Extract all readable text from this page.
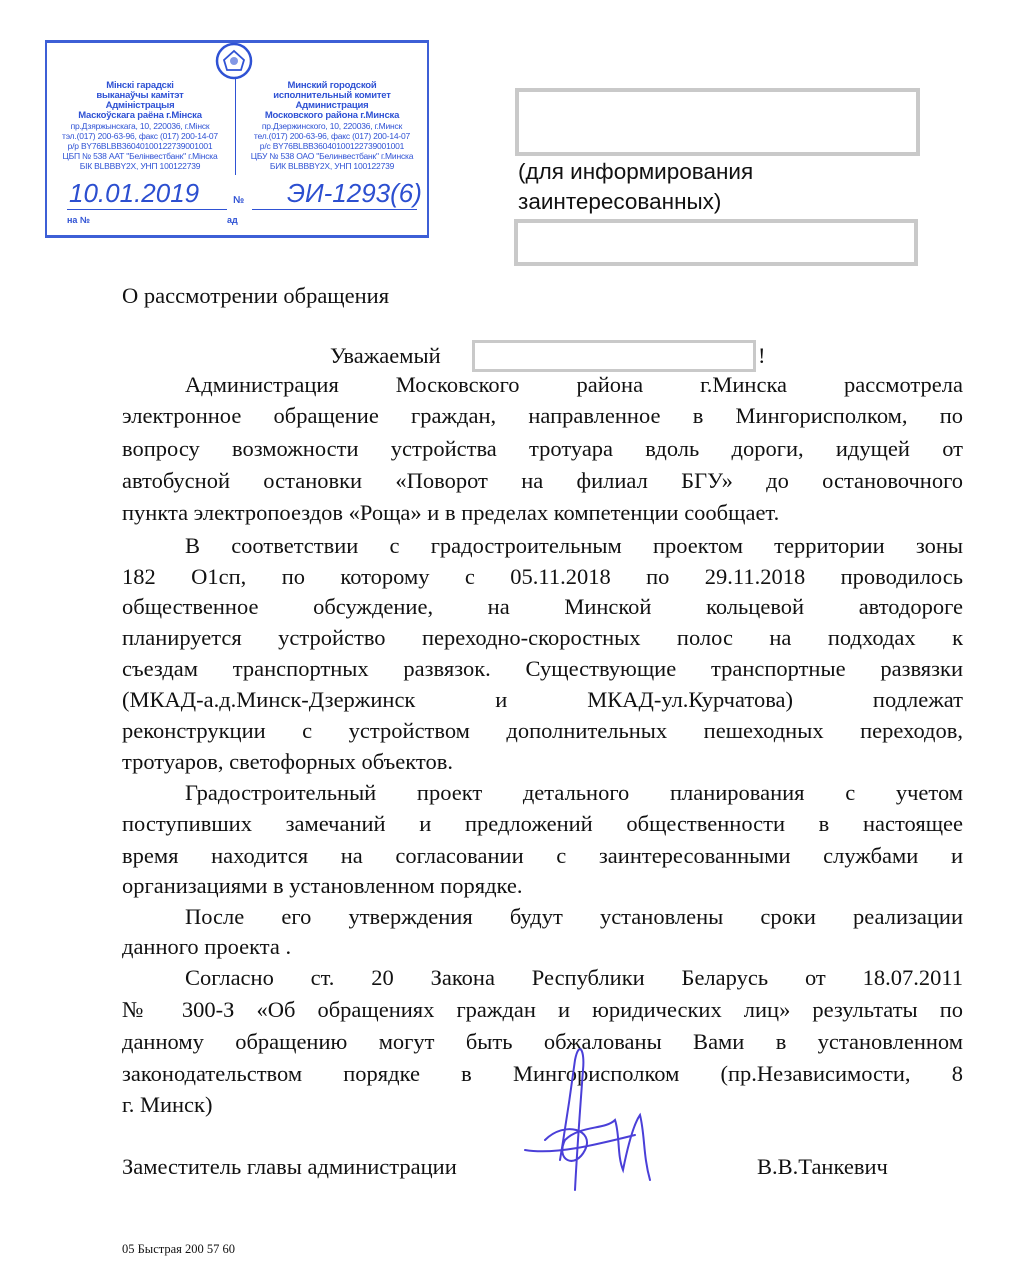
Мінскі гарадскі
выканаўчы камітэт
Адміністрацыя
Маскоўскага раёна г.Мінска
пр.Дзяржынскага, 10, 220036, г.Мінск
тэл.(017) 200-63-96, факс (017) 200-14-07
р/р BY76BLBB36040100122739001001
ЦБП № 538 ААТ "Белінвестбанк" г.Мінска
БІК BLBBBY2X, УНП 100122739
Минский городской
исполнительный комитет
Администрация
Московского района г.Минска
пр.Дзержинского, 10, 220036, г.Минск
тел.(017) 200-63-96, факс (017) 200-14-07
р/с BY76BLBB36040100122739001001
ЦБУ № 538 ОАО "Белинвестбанк" г.Минска
БИК BLBBBY2X, УНП 100122739
10.01.2019	№ ЭИ-1293(6)
на №	ад
(для информирования
заинтересованных)
О рассмотрении обращения
Уважаемый	!
Администрация Московского района г.Минска рассмотрела
электронное обращение граждан, направленное в Мингорисполком, по
вопросу возможности устройства тротуара вдоль дороги, идущей от
автобусной остановки «Поворот на филиал БГУ» до остановочного
пункта электропоездов «Роща» и в пределах компетенции сообщает.
В соответствии с градостроительным проектом территории зоны
182 О1сп, по которому с 05.11.2018 по 29.11.2018 проводилось
общественное обсуждение, на Минской кольцевой автодороге
планируется устройство переходно-скоростных полос на подходах к
съездам транспортных развязок. Существующие транспортные развязки
(МКАД-а.д.Минск-Дзержинск и МКАД-ул.Курчатова) подлежат
реконструкции с устройством дополнительных пешеходных переходов,
тротуаров, светофорных объектов.
Градостроительный проект детального планирования с учетом
поступивших замечаний и предложений общественности в настоящее
время находится на согласовании с заинтересованными службами и
организациями в установленном порядке.
После его утверждения будут установлены сроки реализации
данного проекта .
Согласно ст. 20 Закона Республики Беларусь от 18.07.2011
№ 300-З «Об обращениях граждан и юридических лиц» результаты по
данному обращению могут быть обжалованы Вами в установленном
законодательством порядке в Мингорисполком (пр.Независимости, 8
г. Минск)
Заместитель главы администрации	В.В.Танкевич
05 Быстрая 200 57 60
